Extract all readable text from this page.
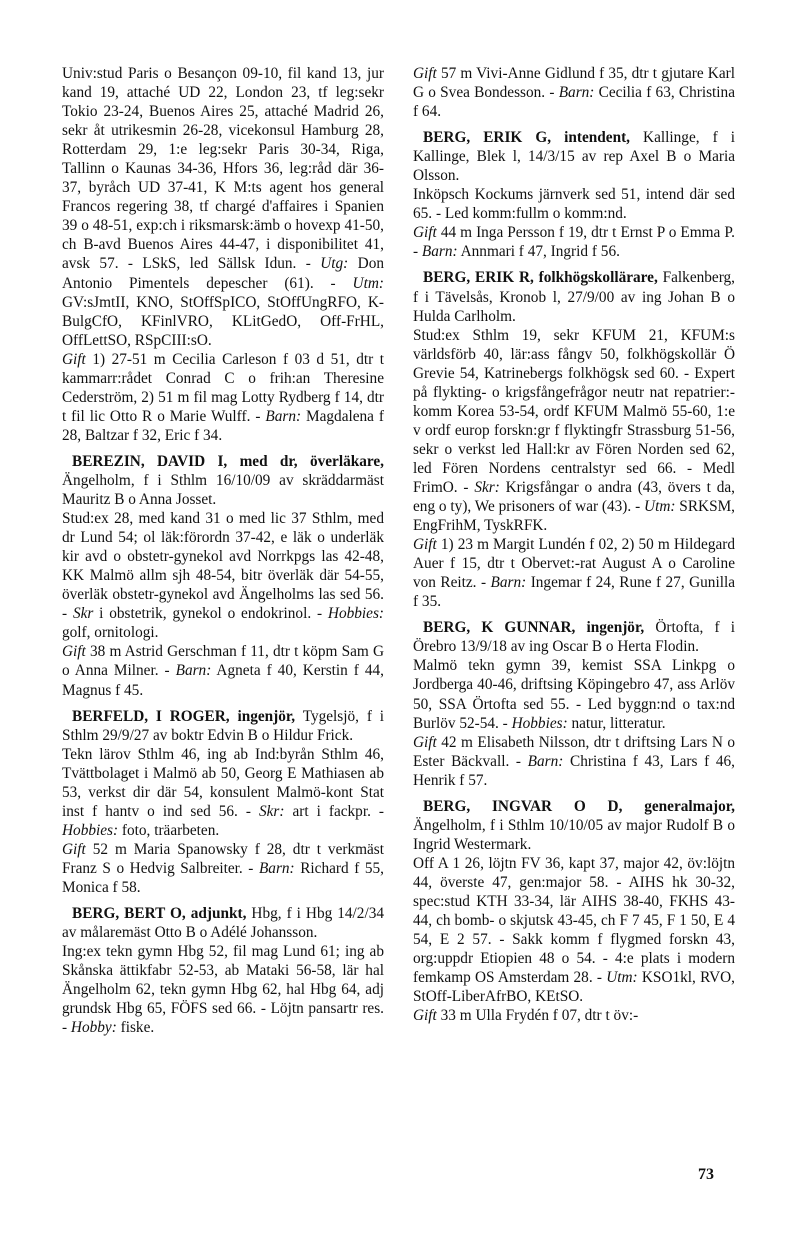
Univ:stud Paris o Besançon 09-10, fil kand 13, jur kand 19, attaché UD 22, London 23, tf leg:sekr Tokio 23-24, Buenos Aires 25, attaché Madrid 26, sekr åt utrikesmin 26-28, vicekonsul Hamburg 28, Rotterdam 29, 1:e leg:sekr Paris 30-34, Riga, Tallinn o Kaunas 34-36, Hfors 36, leg:råd där 36-37, byråch UD 37-41, K M:ts agent hos general Francos regering 38, tf chargé d'affaires i Spanien 39 o 48-51, exp:ch i riksmarsk:ämb o hovexp 41-50, ch B-avd Buenos Aires 44-47, i disponibilitet 41, avsk 57. - LSkS, led Sällsk Idun. - Utg: Don Antonio Pimentels depescher (61). - Utm: GV:sJmtII, KNO, StOffSpICO, StOffUngRFO, K-BulgCfO, KFinlVRO, KLitGedO, Off-FrHL, OffLettSO, RSpCIII:sO.

Gift 1) 27-51 m Cecilia Carleson f 03 d 51, dtr t kammarr:rådet Conrad C o frih:an Theresine Cederström, 2) 51 m fil mag Lotty Rydberg f 14, dtr t fil lic Otto R o Marie Wulff. - Barn: Magdalena f 28, Baltzar f 32, Eric f 34.

BEREZIN, DAVID I, med dr, överläkare, Ängelholm, f i Sthlm 16/10/09 av skräddarmäst Mauritz B o Anna Josset.

Stud:ex 28, med kand 31 o med lic 37 Sthlm, med dr Lund 54; ol läk:förordn 37-42, e läk o underläk kir avd o obstetr-gynekol avd Norrkpgs las 42-48, KK Malmö allm sjh 48-54, bitr överläk där 54-55, överläk obstetr-gynekol avd Ängelholms las sed 56. - Skr i obstetrik, gynekol o endokrinol. - Hobbies: golf, ornitologi.

Gift 38 m Astrid Gerschman f 11, dtr t köpm Sam G o Anna Milner. - Barn: Agneta f 40, Kerstin f 44, Magnus f 45.

BERFELD, I ROGER, ingenjör, Tygelsjö, f i Sthlm 29/9/27 av boktr Edvin B o Hildur Frick.

Tekn lärov Sthlm 46, ing ab Ind:byrån Sthlm 46, Tvättbolaget i Malmö ab 50, Georg E Mathiasen ab 53, verkst dir där 54, konsulent Malmö-kont Stat inst f hantv o ind sed 56. - Skr: art i fackpr. - Hobbies: foto, träarbeten.

Gift 52 m Maria Spanowsky f 28, dtr t verkmäst Franz S o Hedvig Salbreiter. - Barn: Richard f 55, Monica f 58.

BERG, BERT O, adjunkt, Hbg, f i Hbg 14/2/34 av målaremäst Otto B o Adélé Johansson.

Ing:ex tekn gymn Hbg 52, fil mag Lund 61; ing ab Skånska ättikfabr 52-53, ab Mataki 56-58, lär hal Ängelholm 62, tekn gymn Hbg 62, hal Hbg 64, adj grundsk Hbg 65, FÖFS sed 66. - Löjtn pansartr res. - Hobby: fiske.

Gift 57 m Vivi-Anne Gidlund f 35, dtr t gjutare Karl G o Svea Bondesson. - Barn: Cecilia f 63, Christina f 64.

BERG, ERIK G, intendent, Kallinge, f i Kallinge, Blek l, 14/3/15 av rep Axel B o Maria Olsson.

Inköpsch Kockums järnverk sed 51, intend där sed 65. - Led komm:fullm o komm:nd.

Gift 44 m Inga Persson f 19, dtr t Ernst P o Emma P. - Barn: Annmari f 47, Ingrid f 56.

BERG, ERIK R, folkhögskollärare, Falkenberg, f i Tävelsås, Kronob l, 27/9/00 av ing Johan B o Hulda Carlholm.

Stud:ex Sthlm 19, sekr KFUM 21, KFUM:s världsförb 40, lär:ass fångv 50, folkhögskollär Ö Grevie 54, Katrinebergs folkhögsk sed 60. - Expert på flykting- o krigsfångefrågor neutr nat repatrier:-komm Korea 53-54, ordf KFUM Malmö 55-60, 1:e v ordf europ forskn:gr f flyktingfr Strassburg 51-56, sekr o verkst led Hall:kr av Fören Norden sed 62, led Fören Nordens centralstyr sed 66. - Medl FrimO. - Skr: Krigsfångar o andra (43, övers t da, eng o ty), We prisoners of war (43). - Utm: SRKSM, EngFrihM, TyskRFK.

Gift 1) 23 m Margit Lundén f 02, 2) 50 m Hildegard Auer f 15, dtr t Obervet:-rat August A o Caroline von Reitz. - Barn: Ingemar f 24, Rune f 27, Gunilla f 35.

BERG, K GUNNAR, ingenjör, Örtofta, f i Örebro 13/9/18 av ing Oscar B o Herta Flodin.

Malmö tekn gymn 39, kemist SSA Linkpg o Jordberga 40-46, driftsing Köpingebro 47, ass Arlöv 50, SSA Örtofta sed 55. - Led byggn:nd o tax:nd Burlöv 52-54. - Hobbies: natur, litteratur.

Gift 42 m Elisabeth Nilsson, dtr t driftsing Lars N o Ester Bäckvall. - Barn: Christina f 43, Lars f 46, Henrik f 57.

BERG, INGVAR O D, generalmajor, Ängelholm, f i Sthlm 10/10/05 av major Rudolf B o Ingrid Westermark.

Off A 1 26, löjtn FV 36, kapt 37, major 42, öv:löjtn 44, överste 47, gen:major 58. - AIHS hk 30-32, spec:stud KTH 33-34, lär AIHS 38-40, FKHS 43-44, ch bomb- o skjutsk 43-45, ch F 7 45, F 1 50, E 4 54, E 2 57. - Sakk komm f flygmed forskn 43, org:uppdr Etiopien 48 o 54. - 4:e plats i modern femkamp OS Amsterdam 28. - Utm: KSO1kl, RVO, StOff-LiberAfrBO, KEtSO.

Gift 33 m Ulla Frydén f 07, dtr t öv:-

73
